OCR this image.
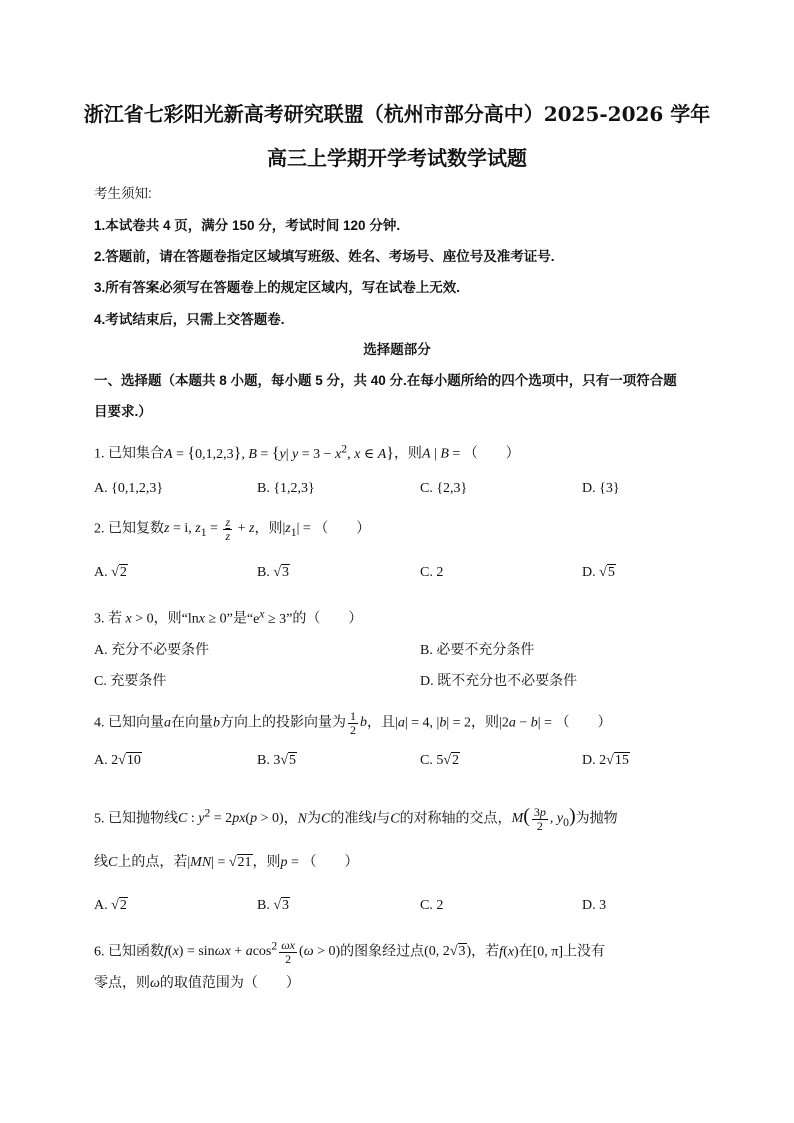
浙江省七彩阳光新高考研究联盟（杭州市部分高中）2025-2026 学年
高三上学期开学考试数学试题
考生须知:
1.本试卷共 4 页，满分 150 分，考试时间 120 分钟.
2.答题前，请在答题卷指定区域填写班级、姓名、考场号、座位号及准考证号.
3.所有答案必须写在答题卷上的规定区域内，写在试卷上无效.
4.考试结束后，只需上交答题卷.
选择题部分
一、选择题（本题共 8 小题，每小题 5 分，共 40 分.在每小题所给的四个选项中，只有一项符合题
目要求.）
1. 已知集合A = {0,1,2,3}, B = {y| $y = 3 - x^2$, x ∈ A}，则A | B = （　　）
A. {0,1,2,3}	B. {1,2,3}	C. {2,3}	D. {3}
2. 已知复数z = i, $z_1 = \frac{z}{z} + z$，则$|z_1|$ = （　　）
A. √2	B. √3	C. 2	D. √5
3. 若 x > 0，则“lnx ≥ 0”是“$e^x \ge 3$”的（　　）
A. 充分不必要条件	B. 必要不充分条件
C. 充要条件	D. 既不充分也不必要条件
4. 已知向量a在向量b方向上的投影向量为 $\frac{1}{2}$ b，且|a| = 4, |b| = 2，则|2a − b| = （　　）
A. 2√10	B. 3√5	C. 5√2	D. 2√15
5. 已知抛物线C : $y^2 = 2px(p > 0)$，N为C的准线l与C的对称轴的交点，$M( \frac{3p}{2}$ , $y_0$)为抛物
线C上的点，若|MN| = √21，则p = （　　）
A. √2	B. √3	C. 2	D. 3
6. 已知函数$f(x) = \sin\omega x + acos^2 \frac{\omega x}{2} (\omega > 0)$的图象经过点(0, 2√3)，若f(x)在[0, π]上没有
零点，则ω的取值范围为（　　）
